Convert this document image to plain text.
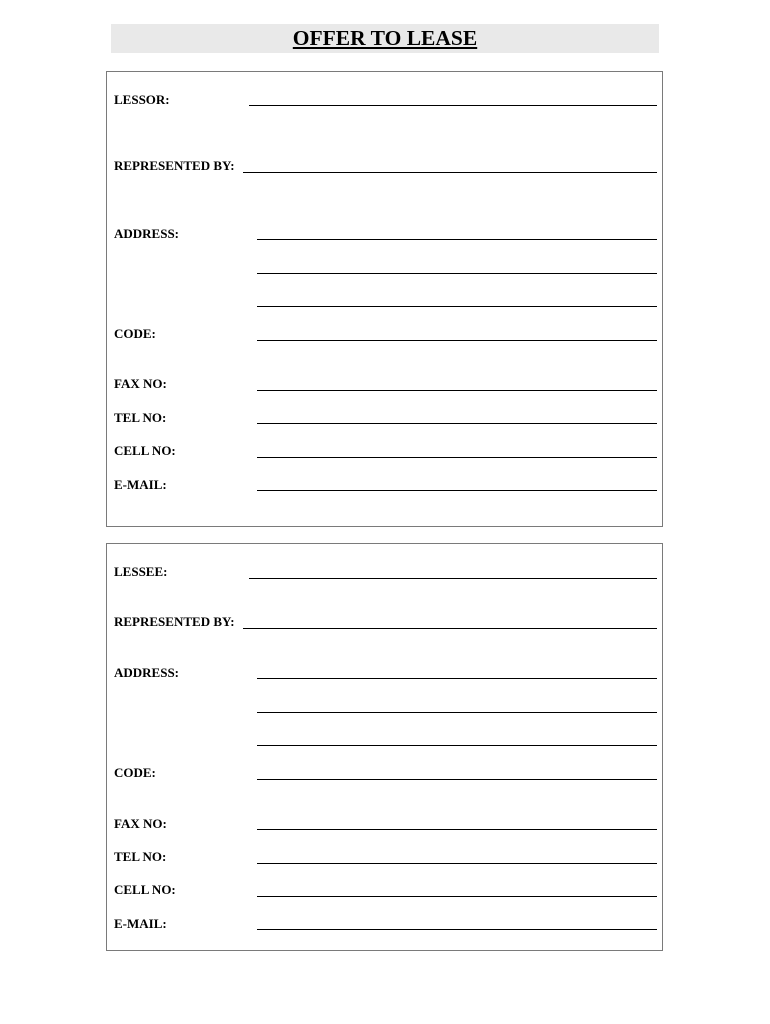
OFFER TO LEASE
LESSOR:
REPRESENTED BY:
ADDRESS:
CODE:
FAX NO:
TEL NO:
CELL NO:
E-MAIL:
LESSEE:
REPRESENTED BY:
ADDRESS:
CODE:
FAX NO:
TEL NO:
CELL NO:
E-MAIL:
